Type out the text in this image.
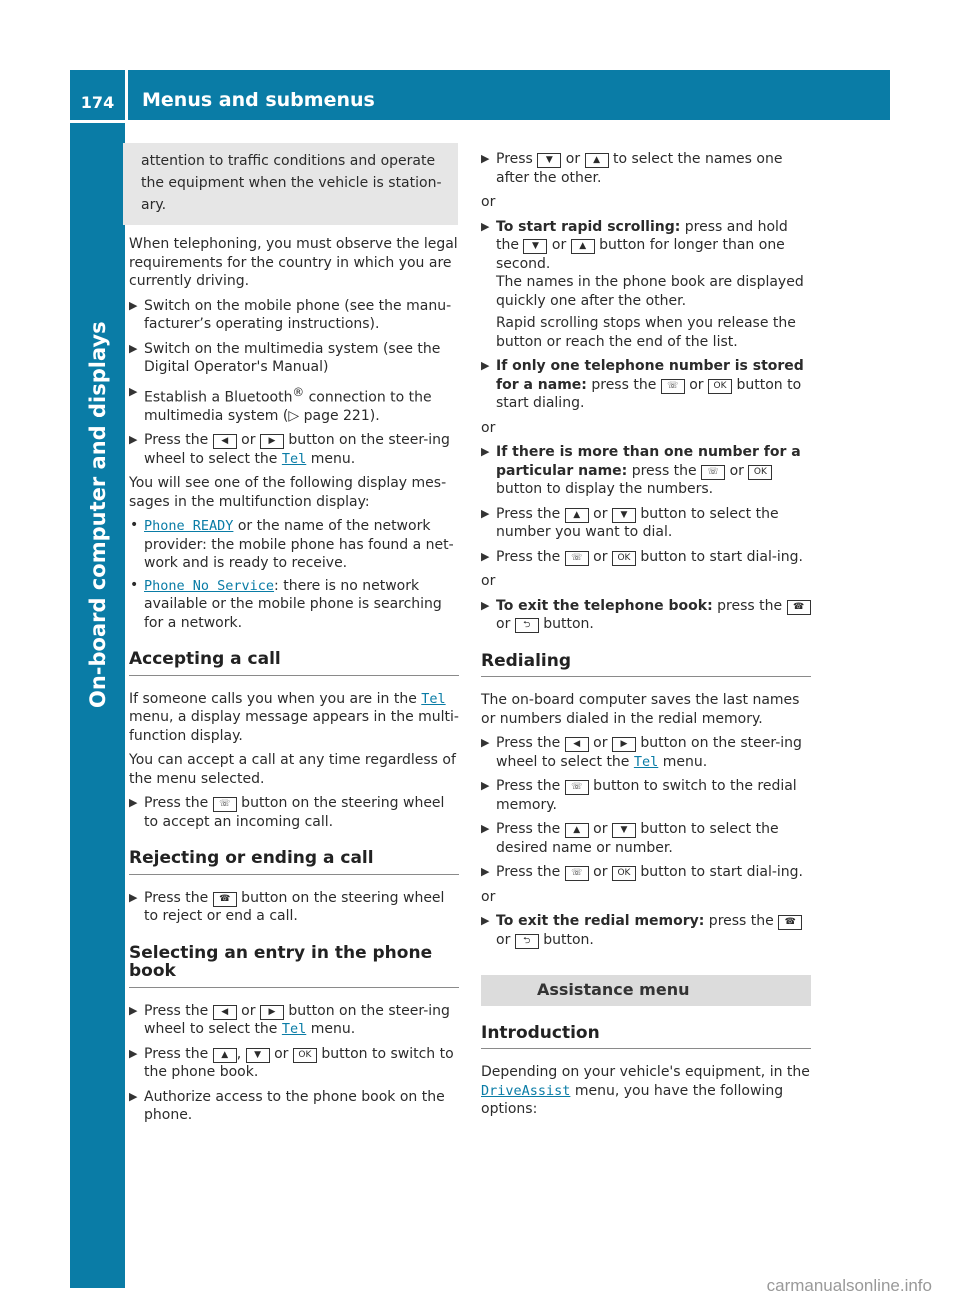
174	Menus and submenus
On-board computer and displays
attention to traffic conditions and operate
the equipment when the vehicle is station-
ary.

When telephoning, you must observe the legal requirements for the country in which you are currently driving.

▶ Switch on the mobile phone (see the manu-facturer’s operating instructions).
▶ Switch on the multimedia system (see the Digital Operator's Manual)
▶ Establish a Bluetooth® connection to the multimedia system (▷ page 221).
▶ Press the ◀ or ▶ button on the steer-ing wheel to select the Tel menu.

You will see one of the following display mes-sages in the multifunction display:

• Phone READY or the name of the network provider: the mobile phone has found a net-work and is ready to receive.
• Phone No Service: there is no network available or the mobile phone is searching for a network.
Accepting a call

If someone calls you when you are in the Tel menu, a display message appears in the multi-function display.

You can accept a call at any time regardless of the menu selected.

▶ Press the ☏ button on the steering wheel to accept an incoming call.
Rejecting or ending a call
▶ Press the ☎ button on the steering wheel to reject or end a call.
Selecting an entry in the phone book
▶ Press the ◀ or ▶ button on the steer-ing wheel to select the Tel menu.
▶ Press the ▲ , ▼ or OK button to switch to the phone book.
▶ Authorize access to the phone book on the phone.
▶ Press ▼ or ▲ to select the names one after the other.

or

▶ To start rapid scrolling: press and hold the ▼ or ▲ button for longer than one second.
The names in the phone book are displayed quickly one after the other.
Rapid scrolling stops when you release the button or reach the end of the list.
▶ If only one telephone number is stored for a name: press the ☏ or OK button to start dialing.

or

▶ If there is more than one number for a particular name: press the ☏ or OK button to display the numbers.
▶ Press the ▲ or ▼ button to select the number you want to dial.
▶ Press the ☏ or OK button to start dial-ing.

or

▶ To exit the telephone book: press the ☎ or ⮌ button.
Redialing

The on-board computer saves the last names or numbers dialed in the redial memory.

▶ Press the ◀ or ▶ button on the steer-ing wheel to select the Tel menu.
▶ Press the ☏ button to switch to the redial memory.
▶ Press the ▲ or ▼ button to select the desired name or number.
▶ Press the ☏ or OK button to start dial-ing.

or

▶ To exit the redial memory: press the ☎ or ⮌ button.
Assistance menu
Introduction

Depending on your vehicle's equipment, in the DriveAssist menu, you have the following options:

carmanualsonline.info
